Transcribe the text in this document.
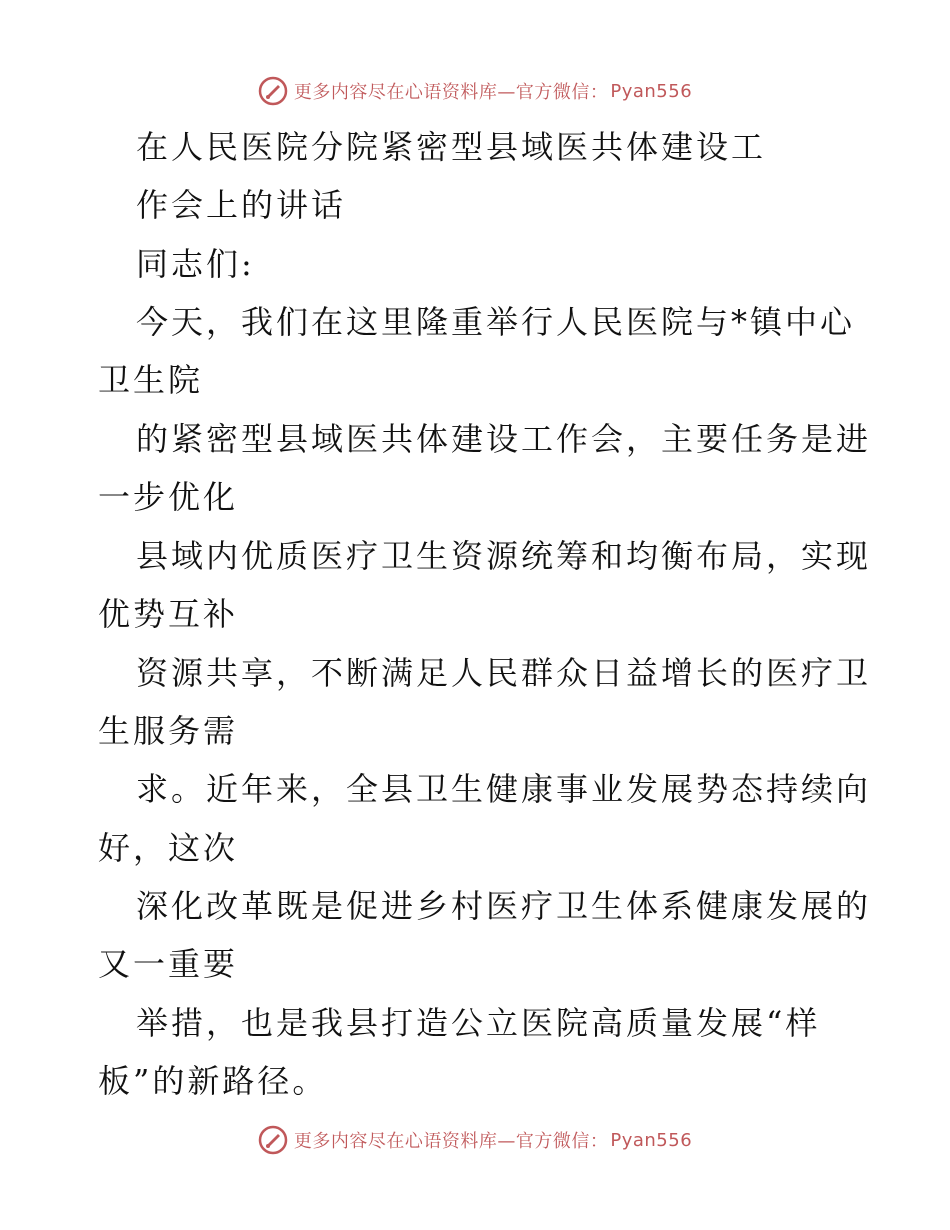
更多内容尽在心语资料库—官方微信： Pyan556
在人民医院分院紧密型县域医共体建设工
作会上的讲话
同志们:
今天，我们在这里隆重举行人民医院与*镇中心
卫生院
的紧密型县域医共体建设工作会，主要任务是进
一步优化
县域内优质医疗卫生资源统筹和均衡布局，实现
优势互补
资源共享，不断满足人民群众日益增长的医疗卫
生服务需
求。近年来，全县卫生健康事业发展势态持续向
好，这次
深化改革既是促进乡村医疗卫生体系健康发展的
又一重要
举措，也是我县打造公立医院高质量发展“样
板”的新路径。
更多内容尽在心语资料库—官方微信： Pyan556
